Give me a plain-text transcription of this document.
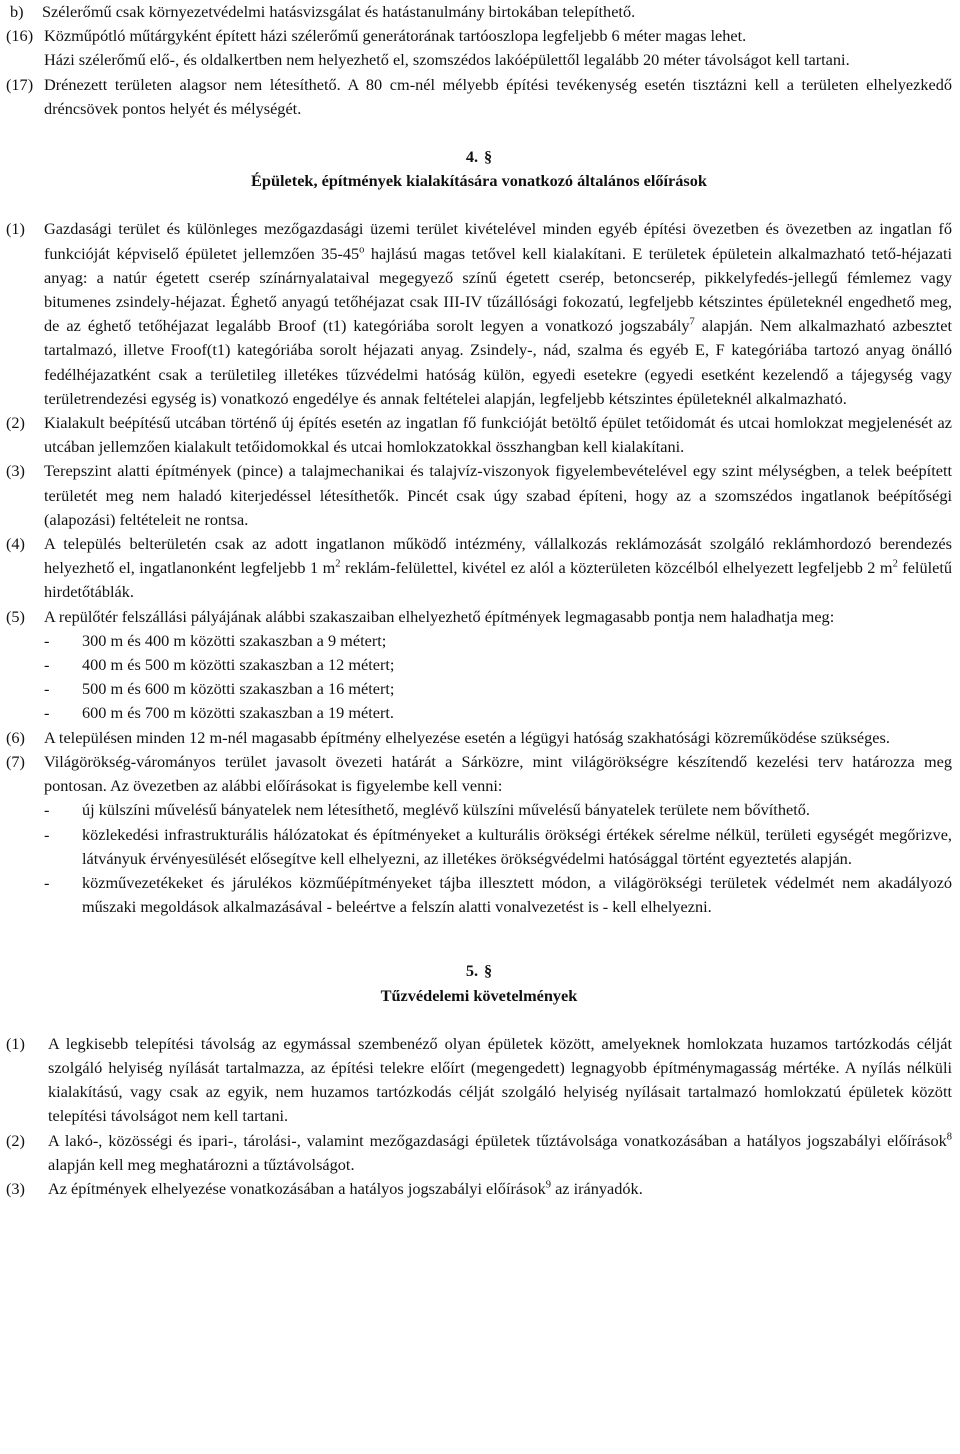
b)	Szélerőmű csak környezetvédelmi hatásvizsgálat és hatástanulmány birtokában telepíthető.
(16) Közműpótló műtárgyként épített házi szélerőmű generátorának tartóoszlopa legfeljebb 6 méter magas lehet.

Házi szélerőmű elő-, és oldalkertben nem helyezhető el, szomszédos lakóépülettől legalább 20 méter távolságot kell tartani.

(17) Drénezett területen alagsor nem létesíthető. A 80 cm-nél mélyebb építési tevékenység esetén tisztázni kell a területen elhelyezkedő dréncsövek pontos helyét és mélységét.
4. §
Épületek, építmények kialakítására vonatkozó általános előírások
(1)	Gazdasági terület és különleges mezőgazdasági üzemi terület kivételével minden egyéb építési övezetben és övezetben az ingatlan fő funkcióját képviselő épületet jellemzően 35-45$^o$ hajlású magas tetővel kell kialakítani. E területek épületein alkalmazható tető-héjazati anyag: a natúr égetett cserép színárnyalataival megegyező színű égetett cserép, betoncserép, pikkelyfedés-jellegű fémlemez vagy bitumenes zsindely-héjazat. Éghető anyagú tetőhéjazat csak III-IV tűzállósági fokozatú, legfeljebb kétszintes épületeknél engedhető meg, de az éghető tetőhéjazat legalább Broof (t1) kategóriába sorolt legyen a vonatkozó jogszabály$^7$ alapján. Nem alkalmazható azbesztet tartalmazó, illetve Froof(t1) kategóriába sorolt héjazati anyag. Zsindely-, nád, szalma és egyéb E, F kategóriába tartozó anyag önálló fedélhéjazatként csak a területileg illetékes tűzvédelmi hatóság külön, egyedi esetekre (egyedi esetként kezelendő a tájegység vagy területrendezési egység is) vonatkozó engedélye és annak feltételei alapján, legfeljebb kétszintes épületeknél alkalmazható.
(2)	Kialakult beépítésű utcában történő új építés esetén az ingatlan fő funkcióját betöltő épület tetőidomát és utcai homlokzat megjelenését az utcában jellemzően kialakult tetőidomokkal és utcai homlokzatokkal összhangban kell kialakítani.
(3)	Terepszint alatti építmények (pince) a talajmechanikai és talajvíz-viszonyok figyelembevételével egy szint mélységben, a telek beépített területét meg nem haladó kiterjedéssel létesíthetők. Pincét csak úgy szabad építeni, hogy az a szomszédos ingatlanok beépítőségi (alapozási) feltételeit ne rontsa.
(4)	A település belterületén csak az adott ingatlanon működő intézmény, vállalkozás reklámozását szolgáló reklámhordozó berendezés helyezhető el, ingatlanonként legfeljebb 1 $m^2$ reklám-felülettel, kivétel ez alól a közterületen közcélból elhelyezett legfeljebb 2 $m^2$ felületű hirdetőtáblák.
(5)	A repülőtér felszállási pályájának alábbi szakaszaiban elhelyezhető építmények legmagasabb pontja nem haladhatja meg:
-	300 m és 400 m közötti szakaszban a 9 métert;
-	400 m és 500 m közötti szakaszban a 12 métert;
-	500 m és 600 m közötti szakaszban a 16 métert;
-	600 m és 700 m közötti szakaszban a 19 métert.
(6)	A településen minden 12 m-nél magasabb építmény elhelyezése esetén a légügyi hatóság szakhatósági közreműködése szükséges.
(7)	Világörökség-várományos terület javasolt övezeti határát a Sárközre, mint világörökségre készítendő kezelési terv határozza meg pontosan. Az övezetben az alábbi előírásokat is figyelembe kell venni:
-	új külszíni művelésű bányatelek nem létesíthető, meglévő külszíni művelésű bányatelek területe nem bővíthető.
-	közlekedési infrastrukturális hálózatokat és építményeket a kulturális örökségi értékek sérelme nélkül, területi egységét megőrizve, látványuk érvényesülését elősegítve kell elhelyezni, az illetékes örökségvédelmi hatósággal történt egyeztetés alapján.
-	közművezetékeket és járulékos közműépítményeket tájba illesztett módon, a világörökségi területek védelmét nem akadályozó műszaki megoldások alkalmazásával - beleértve a felszín alatti vonalvezetést is - kell elhelyezni.
5. §
Tűzvédelemi követelmények
(1)	A legkisebb telepítési távolság az egymással szembenéző olyan épületek között, amelyeknek homlokzata huzamos tartózkodás célját szolgáló helyiség nyílását tartalmazza, az építési telekre előírt (megengedett) legnagyobb építménymagasság mértéke. A nyílás nélküli kialakítású, vagy csak az egyik, nem huzamos tartózkodás célját szolgáló helyiség nyílásait tartalmazó homlokzatú épületek között telepítési távolságot nem kell tartani.
(2)	A lakó-, közösségi és ipari-, tárolási-, valamint mezőgazdasági épületek tűztávolsága vonatkozásában a hatályos jogszabályi előírások$^8$ alapján kell meg meghatározni a tűztávolságot.
(3)	Az építmények elhelyezése vonatkozásában a hatályos jogszabályi előírások$^9$ az irányadók.
